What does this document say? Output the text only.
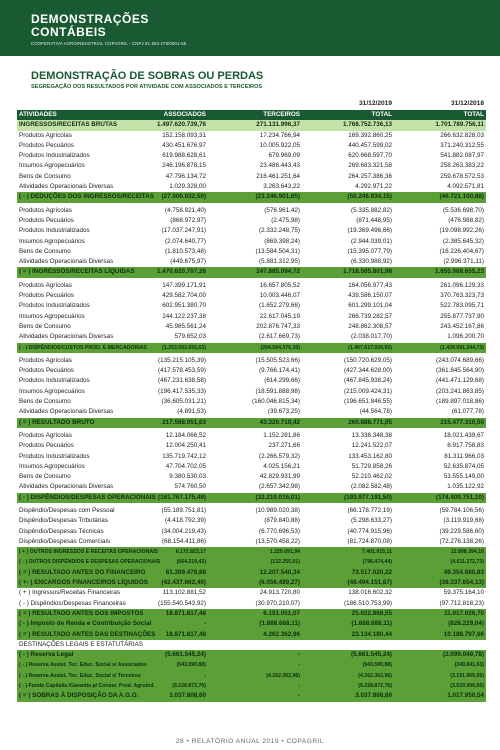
DEMONSTRAÇÕES
CONTÁBEIS
COOPERATIVA AGROINDUSTRIAL COPAGRIL - CNPJ 81.584.278/0001-55
DEMONSTRAÇÃO DE SOBRAS OU PERDAS
SEGREGAÇÃO DOS RESULTADOS POR ATIVIDADE COM ASSOCIADOS E TERCEIROS
31/12/2019	31/12/2018
ATIVIDADES	ASSOCIADOS	TERCEIROS	TOTAL	TOTAL
INGRESSOS/RECEITAS BRUTAS	1.497.620.739,76	271.131.996,37	1.768.752.736,13	1.701.789.756,11
Produtos Agrícolas	152.158.093,31	17.234.766,94	169.392.860,25	266.632.828,03
Produtos Pecuários	430.451.676,97	10.005.922,05	440.457.599,02	371.240.312,55
Produtos Industrializados	619.988.628,61	679.969,09	620.668.597,70	541.882.087,97
Insumos Agropecuários	246.196.878,15	23.486.443,43	269.683.321,58	258.263.383,22
Bens de Consumo	47.796.134,72	216.461.251,64	264.257.386,36	259.678.572,53
Atividades Operacionais Diversas	1.029.328,00	3.263.643,22	4.292.971,22	4.092.571,81
( - ) DEDUÇÕES DOS INGRESSOS/RECEITAS (27.000.032,50)	(23.246.901,65)	(50.246.934,15)	(46.721.100,88)
Produtos Agrícolas	(4.758.921,40)	(576.961,42)	(5.335.882,82)	(5.536.698,70)
Produtos Pecuários	(868.972,97)	(2.475,98)	(871.448,95)	(476.988,82)
Produtos Industrializados	(17.037.247,91)	(2.332.248,75)	(19.369.496,66)	(19.098.992,26)
Insumos Agropecuários	(2.074.640,77)	(869.398,24)	(2.944.039,01)	(2.385.645,32)
Bens de Consumo	(1.810.573,48)	(13.584.504,31)	(15.395.077,79)	(16.226.404,67)
Atividades Operacionais Diversas	(449.675,97)	(5.881.312,95)	(6.330.988,92)	(2.996.371,11)
( = ) INGRESSOS/RECEITAS LÍQUIDAS	1.470.620.707,26	247.885.094,72	1.718.505.801,98	1.655.068.655,23
Produtos Agrícolas	147.399.171,91	16.657.805,52	164.056.977,43	261.096.129,33
Produtos Pecuários	429.582.704,00	10.003.446,07	439.586.150,07	370.763.323,73
Produtos Industrializados	602.951.380,70	(1.652.279,66)	601.299.101,04	522.783.095,71
Insumos Agropecuários	244.122.237,38	22.617.045,19	266.739.282,57	255.877.737,90
Bens de Consumo	45.985.561,24	202.876.747,33	248.862.308,57	243.452.167,86
Atividades Operacionais Diversas	579.652,03	(2.617.669,73)	(2.038.017,70)	1.096.200,70
( - ) DISPÊNDIOS/CUSTOS PROD. E MERCADORIAS	(1.253.052.655,63)	(204.564.375,30)	(1.457.617.030,93)	(1.439.591.344,73)
Produtos Agrícolas	(135.215.105,39)	(15.505.523,66)	(150.720.629,05)	(243.074.689,66)
Produtos Pecuários	(417.578.453,59)	(9.766.174,41)	(427.344.628,00)	(361.845.564,90)
Produtos Industrializados	(467.231.638,58)	(614.299,66)	(467.845.938,24)	(441.471.129,68)
Insumos Agropecuários	(196.417.535,33)	(18.591.888,98)	(215.009.424,31)	(203.241.863,85)
Bens de Consumo	(36.605.031,21)	(160.046.815,34)	(196.651.846,55)	(189.897.018,86)
Atividades Operacionais Diversas	(4.891,53)	(39.673,25)	(44.564,78)	(61.077,78)
( = ) RESULTADO BRUTO	217.568.051,63	43.320.719,42	260.888.771,05	215.477.310,50
Produtos Agrícolas	12.184.066,52	1.152.281,86	13.336.348,38	18.021.439,67
Produtos Pecuários	12.004.250,41	237.271,66	12.241.522,07	8.917.758,83
Produtos Industrializados	135.719.742,12	(2.266.579,32)	133.453.162,80	81.311.966,03
Insumos Agropecuários	47.704.702,05	4.025.156,21	51.729.858,26	52.635.874,05
Bens de Consumo	9.380.530,03	42.829.931,99	52.210.462,02	53.555.149,00
Atividades Operacionais Diversas	574.760,50	(2.657.342,98)	(2.082.582,48)	1.035.122,92
( - ) DISPÊNDIOS/DESPESAS OPERACIONAIS (161.767.175,49)	(32.210.016,01)	(193.977.191,50)	(174.409.751,10)
Dispêndio/Despesas com Pessoal	(55.189.751,81)	(10.989.020,38)	(66.178.772,19)	(59.784.106,56)
Dispêndio/Despesas Tributárias	(4.418.792,39)	(879.840,88)	(5.298.633,27)	(3.119.919,68)
Dispêndio/Despesas Técnicas	(34.004.219,43)	(6.770.696,53)	(40.774.915,96)	(39.229.586,60)
Dispêndio/Despesas Comerciais	(68.154.411,86)	(13.570.458,22)	(81.724.870,08)	(72.276.138,26)
( + ) OUTROS INGRESSOS E RECEITAS OPERACIONAIS	6.172.823,17	1.229.091,94	7.401.915,11	12.898.394,16
( - ) OUTROS DISPÊNDIOS E DESPESAS OPERACIONAIS	(664.219,43)	(132.255,01)	(796.474,44)	(4.611.272,73)
( = ) RESULTADO ANTES DO FINANCEIRO	61.309.479,88	12.207.540,34	73.517.020,22	49.354.680,83
( +- ) ENCARGOS FINANCEIROS LÍQUIDOS (42.437.662,40)	(6.056.489,27)	(48.494.151,67)	(38.337.654,13)
( + ) Ingressos/Receitas Financeiras	113.102.881,52	24.913.720,80	138.016.602,32	59.375.164,10
( - ) Dispêndios/Despesas Financeiras	(155.540.543,92)	(30.970.210,07)	(186.510.753,99)	(97.712.818,23)
( = ) RESULTADO ANTES DOS IMPOSTOS	18.871.817,48	6.151.051,07	25.022.868,55	11.017.026,70
( - ) Imposto de Renda e Contribuição Social	-	(1.888.688,11)	(1.888.688,11)	(828.229,04)
( = ) RESULTADO ANTES DAS DESTINAÇÕES 18.871.817,48	4.262.362,96	23.134.180,44	10.188.797,66
DESTINAÇÕES LEGAIS E ESTATUTÁRIAS
( - ) Reserva Legal	(5.661.545,24)	-	(5.661.545,24)	(2.099.049,78)
( - ) Reserva Assist. Tec. Educ. Social s/ Associados	(943.590,88)	-	(943.590,88)	(349.841,63)
( - ) Reserva Assist. Tec. Educ. Social s/ Terceiros	-	(4.262.362,96)	(4.262.362,96)	(3.191.965,05)
( - ) Fundo Capitaliz./Garantia p/ Conser. Prod. Agroind.	(9.228.872,76)	-	(9.228.872,76)	(3.529.990,66)
( = ) SOBRAS À DISPOSIÇÃO DA A.G.O.	3.037.808,60	-	3.037.808,60	1.017.950,54
28 • RELATÓRIO ANUAL 2019 • COPAGRIL
